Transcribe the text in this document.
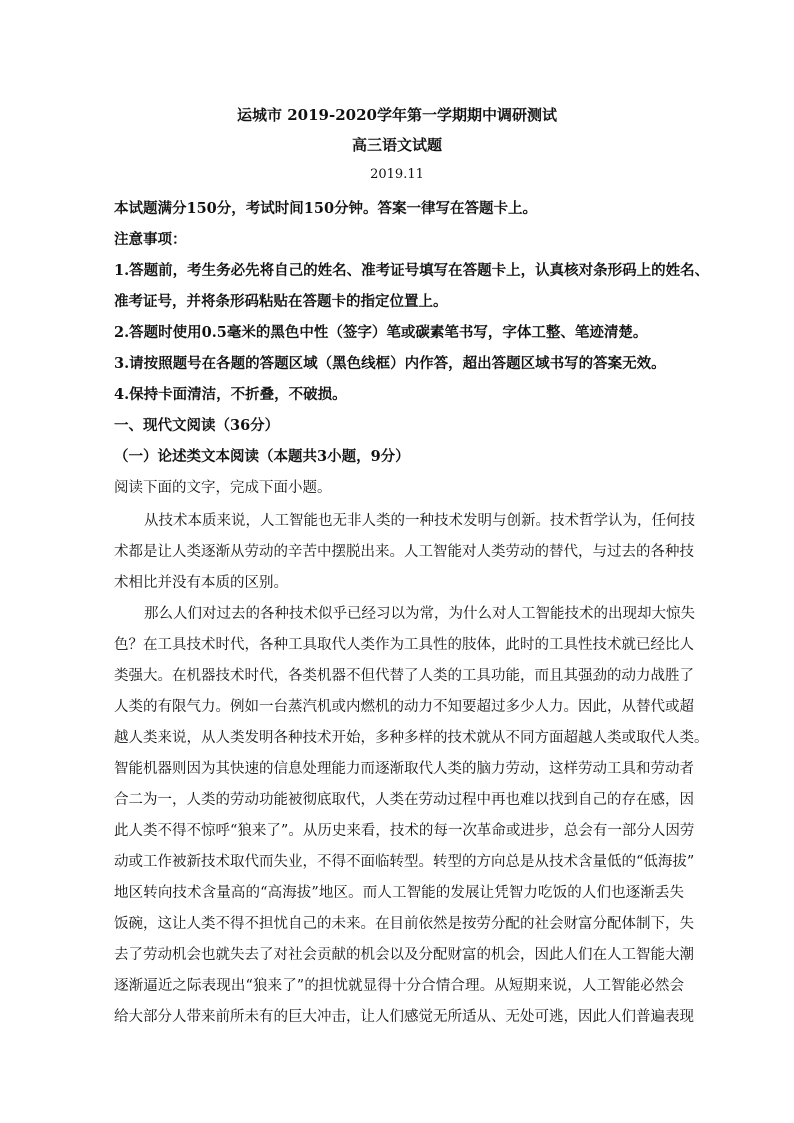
运城市 2019-2020学年第一学期期中调研测试
高三语文试题
2019.11
本试题满分150分，考试时间150分钟。答案一律写在答题卡上。
注意事项：
1.答题前，考生务必先将自己的姓名、准考证号填写在答题卡上，认真核对条形码上的姓名、
准考证号，并将条形码粘贴在答题卡的指定位置上。
2.答题时使用0.5毫米的黑色中性（签字）笔或碳素笔书写，字体工整、笔迹清楚。
3.请按照题号在各题的答题区域（黑色线框）内作答，超出答题区域书写的答案无效。
4.保持卡面清洁，不折叠，不破损。
一、现代文阅读（36分）
（一）论述类文本阅读（本题共3小题，9分）
阅读下面的文字，完成下面小题。
从技术本质来说，人工智能也无非人类的一种技术发明与创新。技术哲学认为，任何技
术都是让人类逐渐从劳动的辛苦中摆脱出来。人工智能对人类劳动的替代，与过去的各种技
术相比并没有本质的区别。
那么人们对过去的各种技术似乎已经习以为常，为什么对人工智能技术的出现却大惊失
色？在工具技术时代，各种工具取代人类作为工具性的肢体，此时的工具性技术就已经比人
类强大。在机器技术时代，各类机器不但代替了人类的工具功能，而且其强劲的动力战胜了
人类的有限气力。例如一台蒸汽机或内燃机的动力不知要超过多少人力。因此，从替代或超
越人类来说，从人类发明各种技术开始，多种多样的技术就从不同方面超越人类或取代人类。
智能机器则因为其快速的信息处理能力而逐渐取代人类的脑力劳动，这样劳动工具和劳动者
合二为一，人类的劳动功能被彻底取代，人类在劳动过程中再也难以找到自己的存在感，因
此人类不得不惊呼“狼来了”。从历史来看，技术的每一次革命或进步，总会有一部分人因劳
动或工作被新技术取代而失业，不得不面临转型。转型的方向总是从技术含量低的“低海拔”
地区转向技术含量高的“高海拔”地区。而人工智能的发展让凭智力吃饭的人们也逐渐丢失
饭碗，这让人类不得不担忧自己的未来。在目前依然是按劳分配的社会财富分配体制下，失
去了劳动机会也就失去了对社会贡献的机会以及分配财富的机会，因此人们在人工智能大潮
逐渐逼近之际表现出“狼来了”的担忧就显得十分合情合理。从短期来说，人工智能必然会
给大部分人带来前所未有的巨大冲击，让人们感觉无所适从、无处可逃，因此人们普遍表现
